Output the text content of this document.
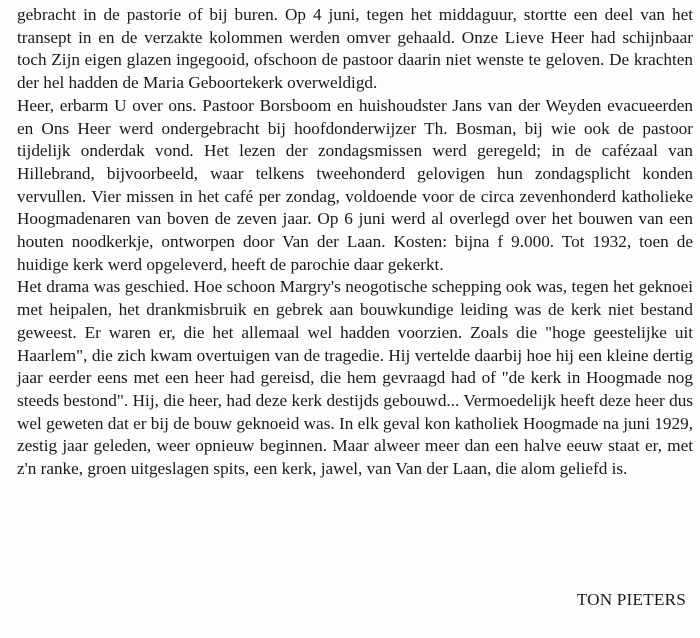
gebracht in de pastorie of bij buren. Op 4 juni, tegen het middaguur, stortte een deel van het transept in en de verzakte kolommen werden omver gehaald. Onze Lieve Heer had schijnbaar toch Zijn eigen glazen ingegooid, ofschoon de pastoor daarin niet wenste te geloven. De krachten der hel hadden de Maria Geboortekerk overweldigd.

Heer, erbarm U over ons. Pastoor Borsboom en huishoudster Jans van der Weyden evacueerden en Ons Heer werd ondergebracht bij hoofdonderwijzer Th. Bosman, bij wie ook de pastoor tijdelijk onderdak vond. Het lezen der zondagsmissen werd geregeld; in de cafézaal van Hillebrand, bijvoorbeeld, waar telkens tweehonderd gelovigen hun zondagsplicht konden vervullen. Vier missen in het café per zondag, voldoende voor de circa zevenhonderd katholieke Hoogmadenaren van boven de zeven jaar. Op 6 juni werd al overlegd over het bouwen van een houten noodkerkje, ontworpen door Van der Laan. Kosten: bijna f 9.000. Tot 1932, toen de huidige kerk werd opgeleverd, heeft de parochie daar gekerkt.

Het drama was geschied. Hoe schoon Margry's neogotische schepping ook was, tegen het geknoei met heipalen, het drankmisbruik en gebrek aan bouwkundige leiding was de kerk niet bestand geweest. Er waren er, die het allemaal wel hadden voorzien. Zoals die "hoge geestelijke uit Haarlem", die zich kwam overtuigen van de tragedie. Hij vertelde daarbij hoe hij een kleine dertig jaar eerder eens met een heer had gereisd, die hem gevraagd had of "de kerk in Hoogmade nog steeds bestond". Hij, die heer, had deze kerk destijds gebouwd... Vermoedelijk heeft deze heer dus wel geweten dat er bij de bouw geknoeid was. In elk geval kon katholiek Hoogmade na juni 1929, zestig jaar geleden, weer opnieuw beginnen. Maar alweer meer dan een halve eeuw staat er, met z'n ranke, groen uitgeslagen spits, een kerk, jawel, van Van der Laan, die alom geliefd is.

TON PIETERS
